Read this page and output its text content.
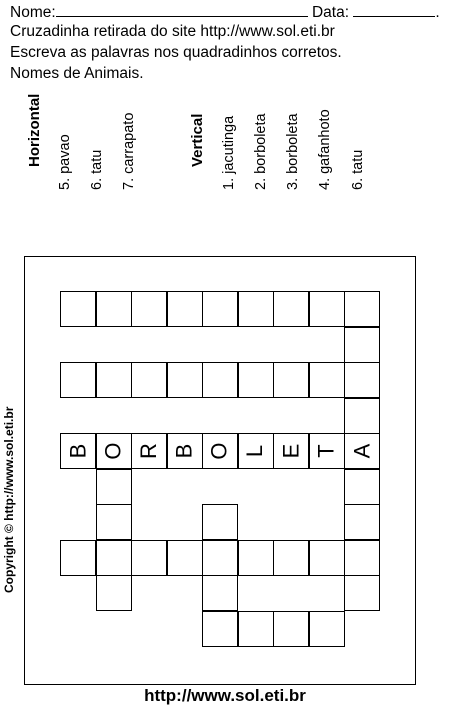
Nome:	Data:	.
Cruzadinha retirada do site http://www.sol.eti.br
Escreva as palavras nos quadradinhos corretos.
Nomes de Animais.
Horizontal 5. pavao 6. tatu 7. carrapato	Vertical 1. jacutinga 2. borboleta 3. borboleta 4. gafanhoto 6. tatu
B O R B O L E T A
Copyright © http://www.sol.eti.br
http://www.sol.eti.br
